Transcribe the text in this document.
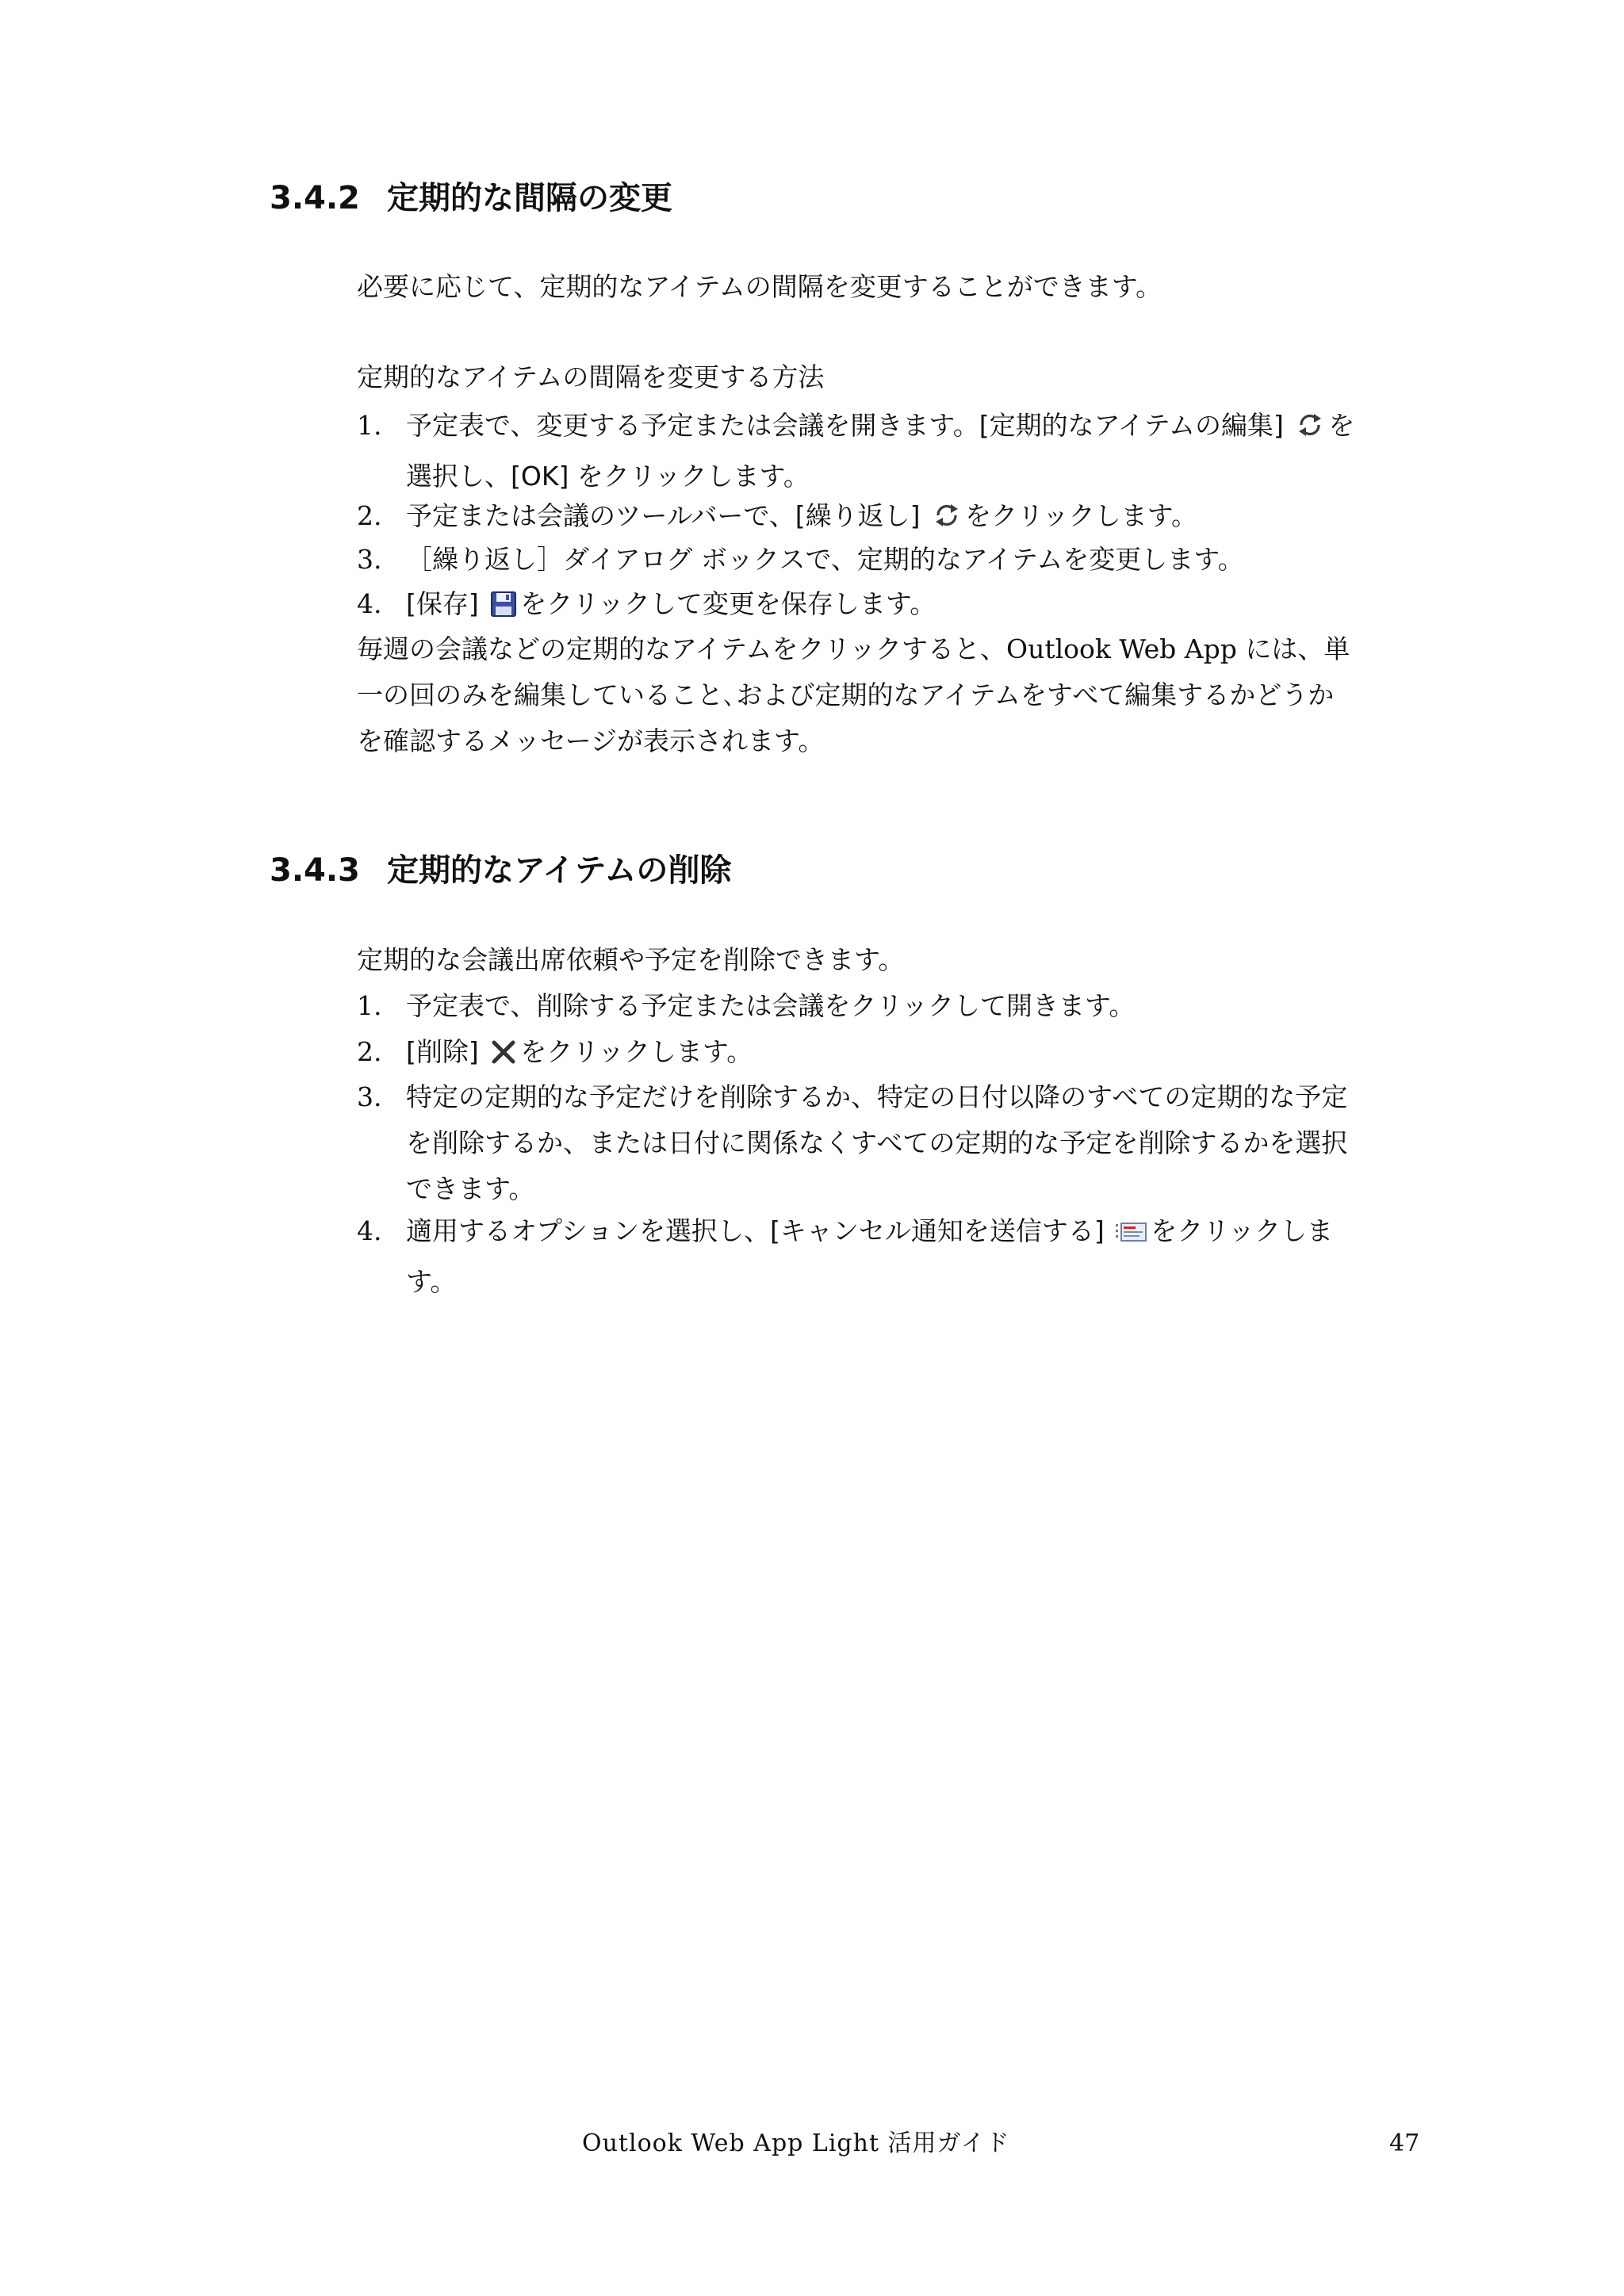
3.4.2 定期的な間隔の変更

必要に応じて、定期的なアイテムの間隔を変更することができます。

定期的なアイテムの間隔を変更する方法

1. 予定表で、変更する予定または会議を開きます。[定期的なアイテムの編集] を
選択し、[OK] をクリックします。
2. 予定または会議のツールバーで、[繰り返し] をクリックします。
3. ［繰り返し］ダイアログ ボックスで、定期的なアイテムを変更します。
4. [保存] をクリックして変更を保存します。
毎週の会議などの定期的なアイテムをクリックすると、Outlook Web App には、単
一の回のみを編集していること､および定期的なアイテムをすべて編集するかどうか
を確認するメッセージが表示されます。
3.4.3 定期的なアイテムの削除

定期的な会議出席依頼や予定を削除できます。

1. 予定表で、削除する予定または会議をクリックして開きます。
2. [削除] をクリックします。
3. 特定の定期的な予定だけを削除するか、特定の日付以降のすべての定期的な予定
を削除するか、または日付に関係なくすべての定期的な予定を削除するかを選択
できます。
4. 適用するオプションを選択し、[キャンセル通知を送信する] をクリックしま
す。
Outlook Web App Light 活用ガイド	47
